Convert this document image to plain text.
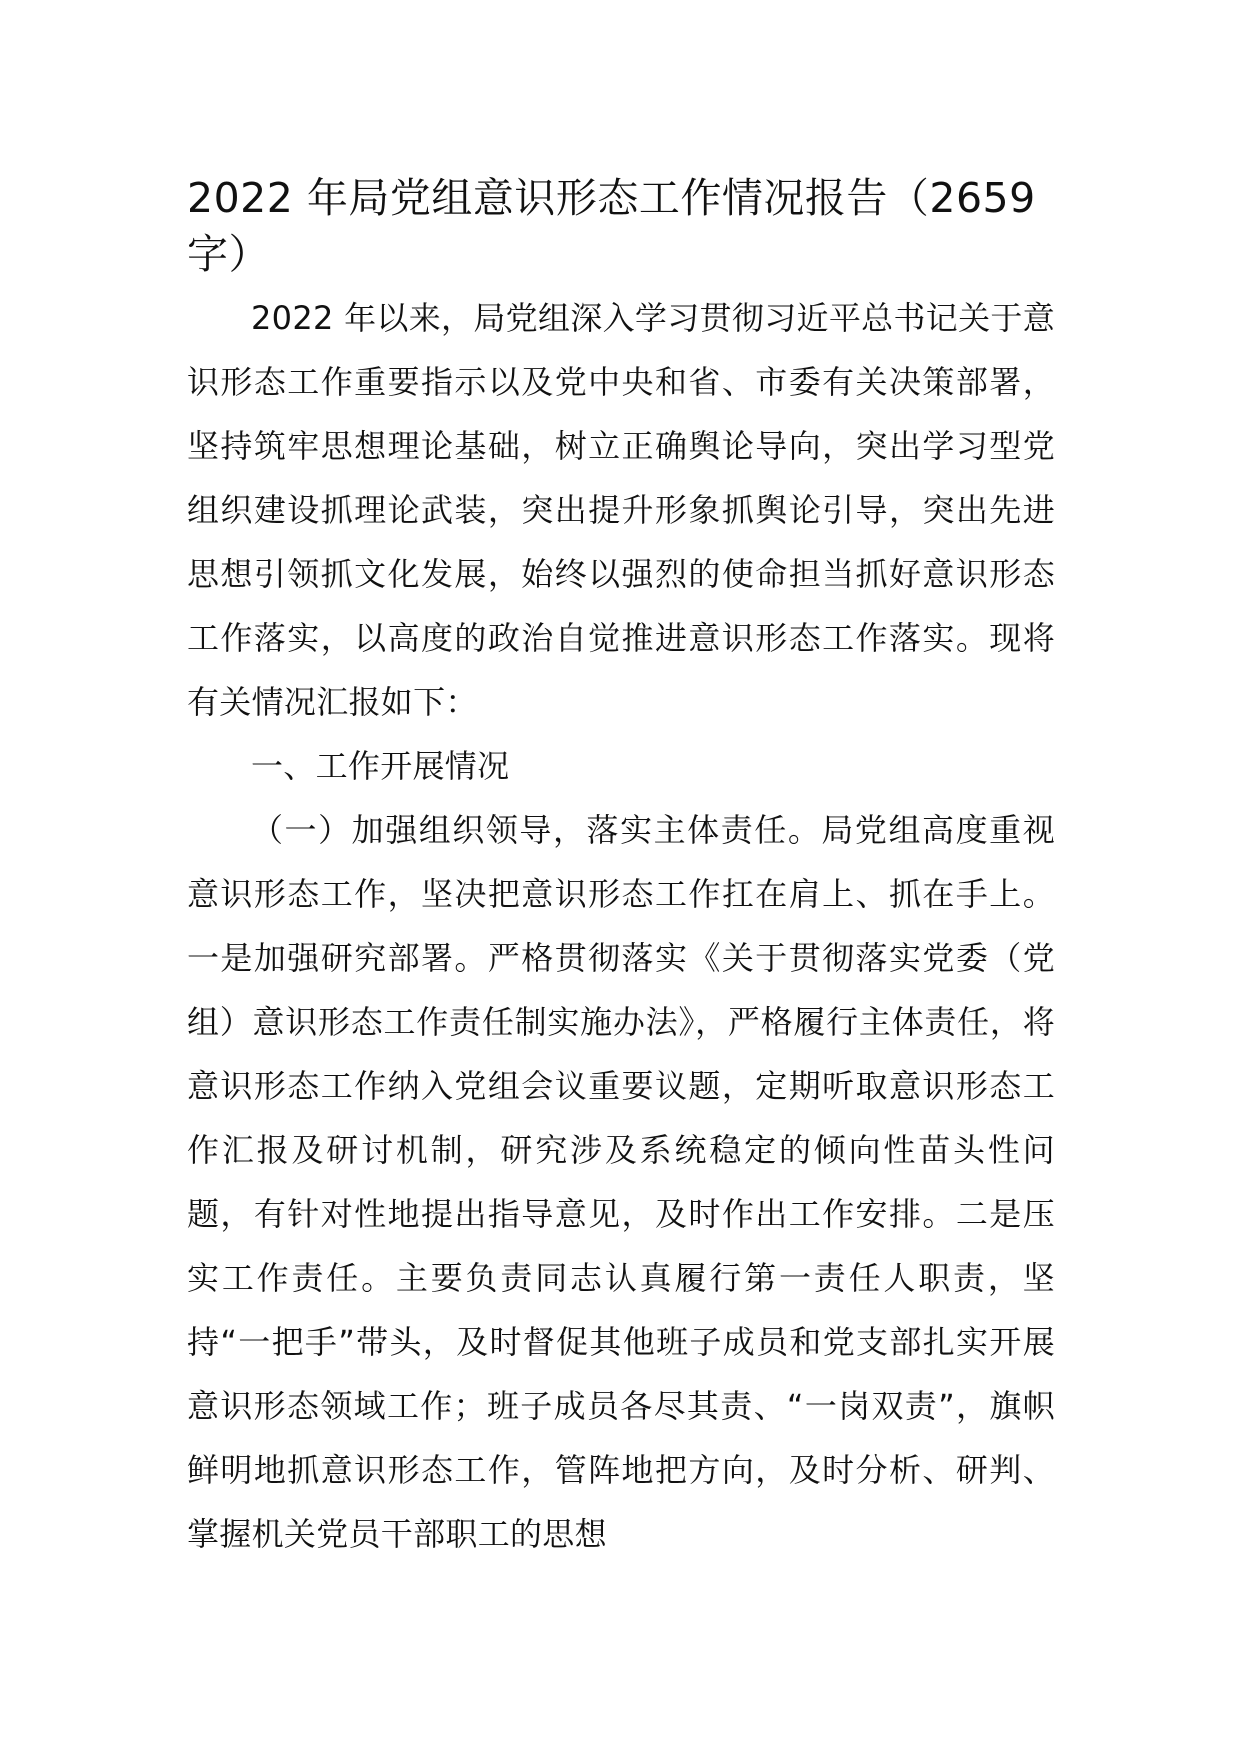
2022 年局党组意识形态工作情况报告（2659 字）

2022 年以来，局党组深入学习贯彻习近平总书记关于意识形态工作重要指示以及党中央和省、市委有关决策部署，坚持筑牢思想理论基础，树立正确舆论导向，突出学习型党组织建设抓理论武装，突出提升形象抓舆论引导，突出先进思想引领抓文化发展，始终以强烈的使命担当抓好意识形态工作落实，以高度的政治自觉推进意识形态工作落实。现将有关情况汇报如下：

一、工作开展情况

（一）加强组织领导，落实主体责任。局党组高度重视意识形态工作，坚决把意识形态工作扛在肩上、抓在手上。一是加强研究部署。严格贯彻落实《关于贯彻落实党委（党组）意识形态工作责任制实施办法》，严格履行主体责任，将意识形态工作纳入党组会议重要议题，定期听取意识形态工作汇报及研讨机制，研究涉及系统稳定的倾向性苗头性问题，有针对性地提出指导意见，及时作出工作安排。二是压实工作责任。主要负责同志认真履行第一责任人职责，坚持“一把手”带头，及时督促其他班子成员和党支部扎实开展意识形态领域工作；班子成员各尽其责、“一岗双责”，旗帜鲜明地抓意识形态工作，管阵地把方向，及时分析、研判、掌握机关党员干部职工的思想
